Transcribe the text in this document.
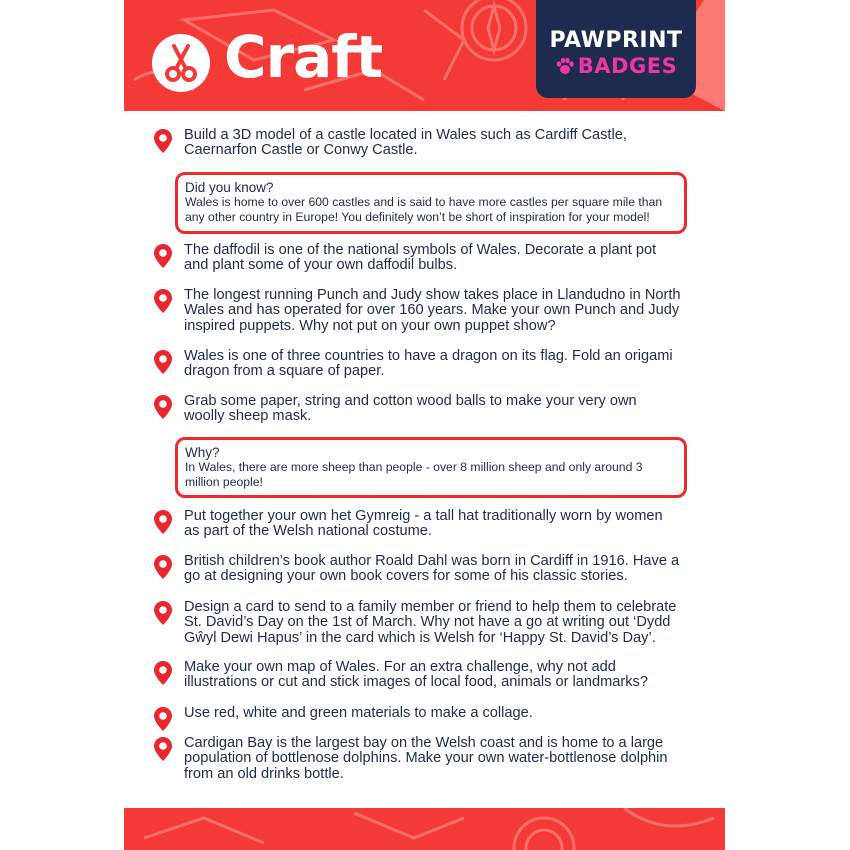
Craft	PAWPRINT
BADGES

Build a 3D model of a castle located in Wales such as Cardiff Castle,
Caernarfon Castle or Conwy Castle.

Did you know?
Wales is home to over 600 castles and is said to have more castles per square mile than
any other country in Europe! You definitely won’t be short of inspiration for your model!

The daffodil is one of the national symbols of Wales. Decorate a plant pot
and plant some of your own daffodil bulbs.

The longest running Punch and Judy show takes place in Llandudno in North
Wales and has operated for over 160 years. Make your own Punch and Judy
inspired puppets. Why not put on your own puppet show?

Wales is one of three countries to have a dragon on its flag. Fold an origami
dragon from a square of paper.

Grab some paper, string and cotton wood balls to make your very own
woolly sheep mask.

Why?
In Wales, there are more sheep than people - over 8 million sheep and only around 3
million people!

Put together your own het Gymreig - a tall hat traditionally worn by women
as part of the Welsh national costume.

British children’s book author Roald Dahl was born in Cardiff in 1916. Have a
go at designing your own book covers for some of his classic stories.

Design a card to send to a family member or friend to help them to celebrate
St. David’s Day on the 1st of March. Why not have a go at writing out ‘Dydd
Gŵyl Dewi Hapus’ in the card which is Welsh for ‘Happy St. David’s Day’.

Make your own map of Wales. For an extra challenge, why not add
illustrations or cut and stick images of local food, animals or landmarks?

Use red, white and green materials to make a collage.

Cardigan Bay is the largest bay on the Welsh coast and is home to a large
population of bottlenose dolphins. Make your own water-bottlenose dolphin
from an old drinks bottle.
